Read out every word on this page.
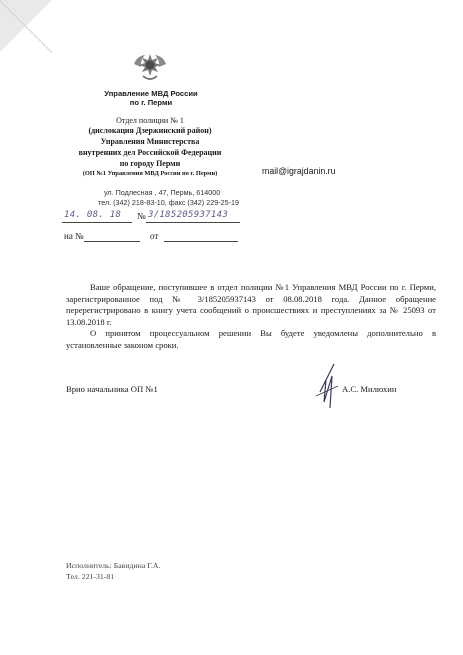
Управление МВД России
по г. Перми
Отдел полиции № 1
(дислокация Дзержинский район)
Управления Министерства
внутренних дел Российской Федерации
по городу Перми
(ОП №1 Управления МВД России по г. Перми)	mail@igrajdanin.ru
ул. Подлесная , 47, Пермь, 614000
тел. (342) 218-83-10, факс (342) 229-25-19
14. 08. 18 № 3/185205937143
на №	от

Ваше обращение, поступившее в отдел полиции №1 Управления МВД России по г. Перми, зарегистрированное под № 3/185205937143 от 08.08.2018 года. Данное обращение перерегистрировано в книгу учета сообщений о происшествиях и преступлениях за № 25093 от 13.08.2018 г.

О принятом процессуальном решении Вы будете уведомлены дополнительно в установленные законом сроки.

Врио начальника ОП №1	А.С. Милюхин
Исполнитель: Бавидина Г.А.
Тел. 221-31-81
